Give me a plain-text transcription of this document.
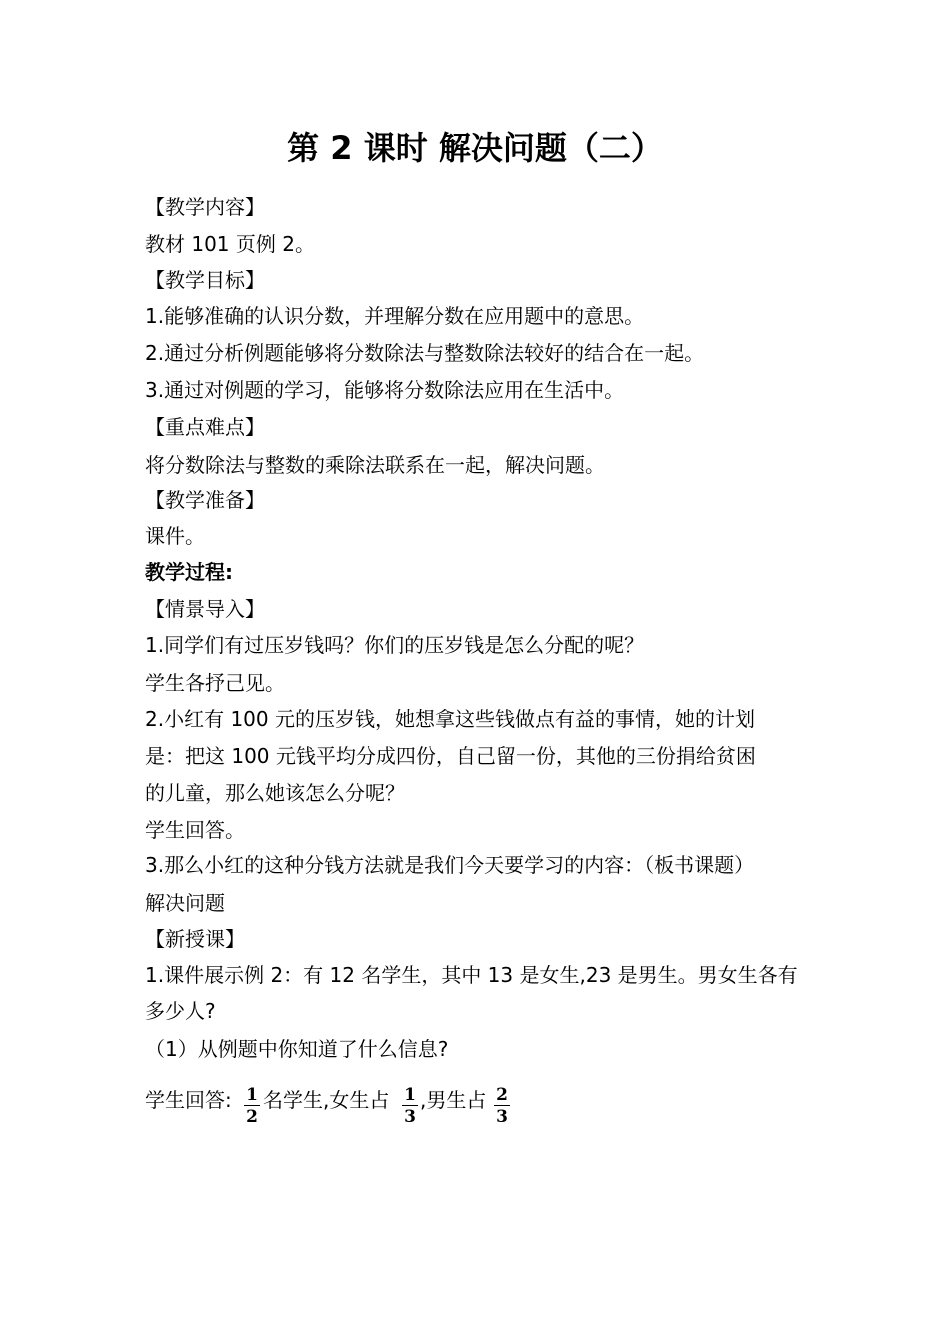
第 2 课时 解决问题（二）
【教学内容】
教材 101 页例 2。
【教学目标】
1.能够准确的认识分数，并理解分数在应用题中的意思。
2.通过分析例题能够将分数除法与整数除法较好的结合在一起。
3.通过对例题的学习，能够将分数除法应用在生活中。
【重点难点】
将分数除法与整数的乘除法联系在一起，解决问题。
【教学准备】
课件。
教学过程:
【情景导入】
1.同学们有过压岁钱吗？你们的压岁钱是怎么分配的呢？
学生各抒己见。
2.小红有 100 元的压岁钱，她想拿这些钱做点有益的事情，她的计划
是：把这 100 元钱平均分成四份，自己留一份，其他的三份捐给贫困
的儿童，那么她该怎么分呢？
学生回答。
3.那么小红的这种分钱方法就是我们今天要学习的内容：（板书课题）
解决问题
【新授课】
1.课件展示例 2：有 12 名学生，其中 13 是女生,23 是男生。男女生各有
多少人?
（1）从例题中你知道了什么信息?
学生回答: 1
2
名学生,女生占 1
3
,男生占 2
3
